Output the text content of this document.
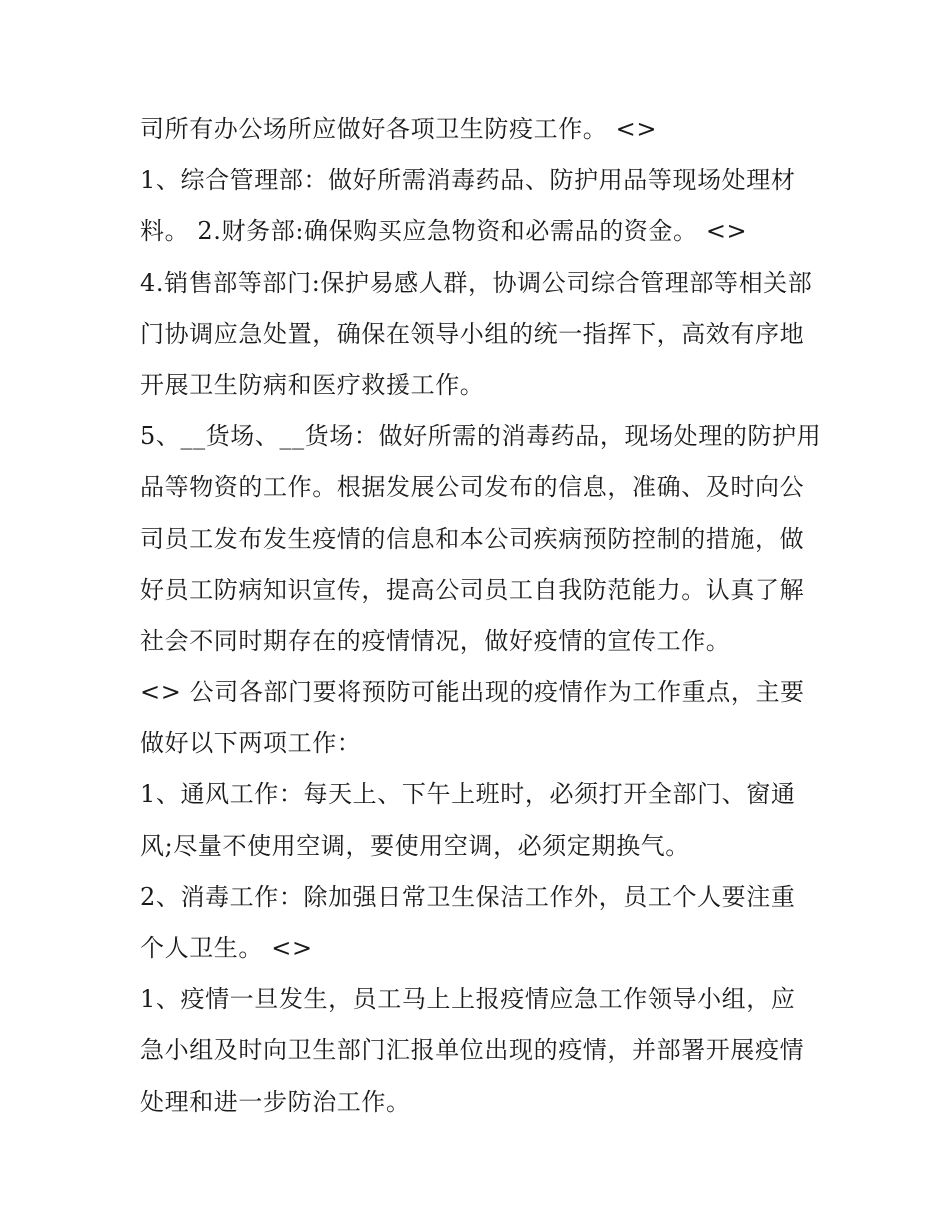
司所有办公场所应做好各项卫生防疫工作。 <>
1、综合管理部：做好所需消毒药品、防护用品等现场处理材
料。 2.财务部:确保购买应急物资和必需品的资金。 <>
4.销售部等部门:保护易感人群，协调公司综合管理部等相关部
门协调应急处置，确保在领导小组的统一指挥下，高效有序地
开展卫生防病和医疗救援工作。
5、__货场、__货场：做好所需的消毒药品，现场处理的防护用
品等物资的工作。根据发展公司发布的信息，准确、及时向公
司员工发布发生疫情的信息和本公司疾病预防控制的措施，做
好员工防病知识宣传，提高公司员工自我防范能力。认真了解
社会不同时期存在的疫情情况，做好疫情的宣传工作。
<> 公司各部门要将预防可能出现的疫情作为工作重点，主要
做好以下两项工作：
1、通风工作：每天上、下午上班时，必须打开全部门、窗通
风;尽量不使用空调，要使用空调，必须定期换气。
2、消毒工作：除加强日常卫生保洁工作外，员工个人要注重
个人卫生。 <>
1、疫情一旦发生，员工马上上报疫情应急工作领导小组，应
急小组及时向卫生部门汇报单位出现的疫情，并部署开展疫情
处理和进一步防治工作。
